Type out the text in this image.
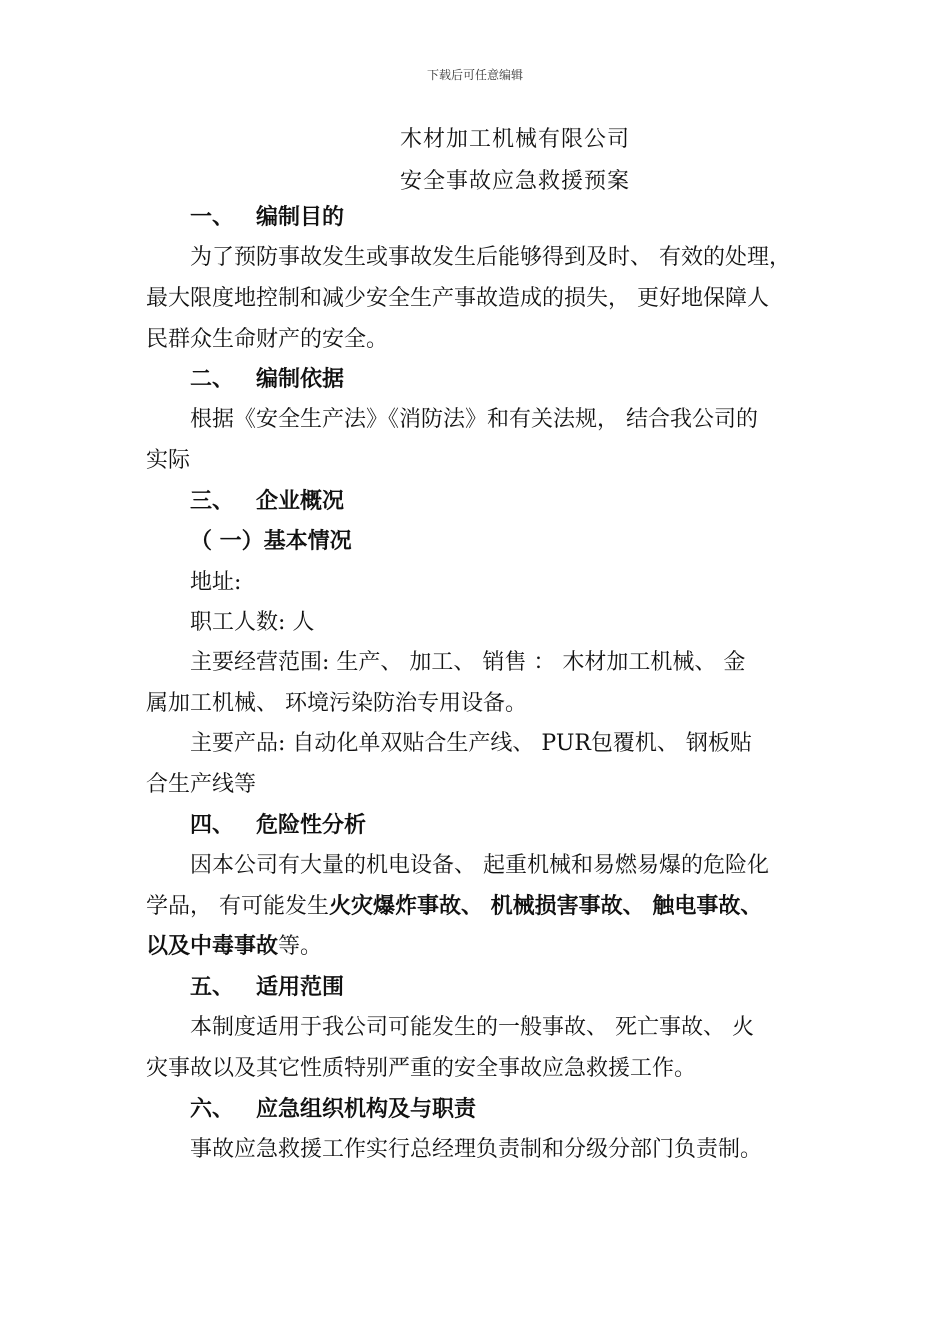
下载后可任意编辑
木材加工机械有限公司
安全事故应急救援预案
一、 编制目的
为了预防事故发生或事故发生后能够得到及时、 有效的处理，
最大限度地控制和减少安全生产事故造成的损失， 更好地保障人
民群众生命财产的安全。
二、 编制依据
根据《安全生产法》《消防法》和有关法规， 结合我公司的
实际
三、 企业概况
（ 一）基本情况
地址:
职工人数: 人
主要经营范围: 生产、 加工、 销售 ： 木材加工机械、 金
属加工机械、 环境污染防治专用设备。
主要产品: 自动化单双贴合生产线、 PUR包覆机、 钢板贴
合生产线等
四、 危险性分析
因本公司有大量的机电设备、 起重机械和易燃易爆的危险化
学品， 有可能发生火灾爆炸事故、 机械损害事故、 触电事故、
以及中毒事故等。
五、 适用范围
本制度适用于我公司可能发生的一般事故、 死亡事故、 火
灾事故以及其它性质特别严重的安全事故应急救援工作。
六、 应急组织机构及与职责
事故应急救援工作实行总经理负责制和分级分部门负责制。
